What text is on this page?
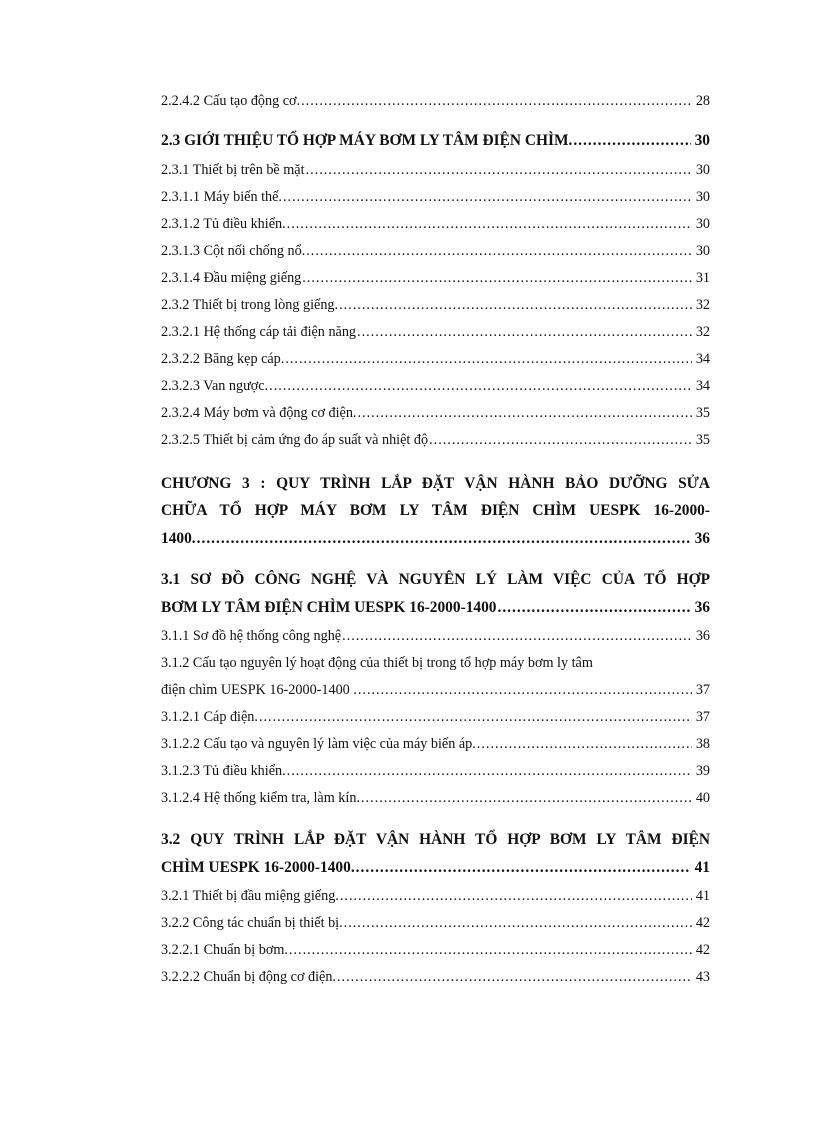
2.2.4.2 Cấu tạo động cơ. .....	28
2.3 GIỚI THIỆU TỔ HỢP MÁY BƠM LY TÂM ĐIỆN CHÌM. .....	30
2.3.1 Thiết bị trên bề mặt .....	30
2.3.1.1 Máy biến thế. .....	30
2.3.1.2 Tủ điều khiển. .....	30
2.3.1.3 Cột nối chống nổ. .....	30
2.3.1.4 Đầu miệng giếng .....	31
2.3.2 Thiết bị trong lòng giếng. .....	32
2.3.2.1 Hệ thống cáp tải điện năng .....	32
2.3.2.2 Băng kẹp cáp. .....	34
2.3.2.3 Van ngược. .....	34
2.3.2.4 Máy bơm và động cơ điện. .....	35
2.3.2.5 Thiết bị cảm ứng đo áp suất và nhiệt độ .....	35
CHƯƠNG 3 : QUY TRÌNH LẮP ĐẶT VẬN HÀNH BẢO DƯỠNG SỬA
CHỮA TỔ HỢP MÁY BƠM LY TÂM ĐIỆN CHÌM UESPK 16-2000-
1400. .....	36
3.1 SƠ ĐỒ CÔNG NGHỆ VÀ NGUYÊN LÝ LÀM VIỆC CỦA TỔ HỢP
BƠM LY TÂM ĐIỆN CHÌM UESPK 16-2000-1400 .....	36
3.1.1 Sơ đồ hệ thống công nghệ .....	36
3.1.2 Cấu tạo nguyên lý hoạt động của thiết bị trong tổ hợp máy bơm ly tâm
điện chìm UESPK 16-2000-1400 . .....	37
3.1.2.1 Cáp điện. .....	37
3.1.2.2 Cấu tạo và nguyên lý làm việc của máy biến áp. .....	38
3.1.2.3 Tủ điều khiển. .....	39
3.1.2.4 Hệ thống kiểm tra, làm kín. .....	40
3.2 QUY TRÌNH LẮP ĐẶT VẬN HÀNH TỔ HỢP BƠM LY TÂM ĐIỆN
CHÌM UESPK 16-2000-1400. .....	41
3.2.1 Thiết bị đầu miệng giếng. .....	41
3.2.2 Công tác chuẩn bị thiết bị. .....	42
3.2.2.1 Chuẩn bị bơm. .....	42
3.2.2.2 Chuẩn bị động cơ điện. .....	43
